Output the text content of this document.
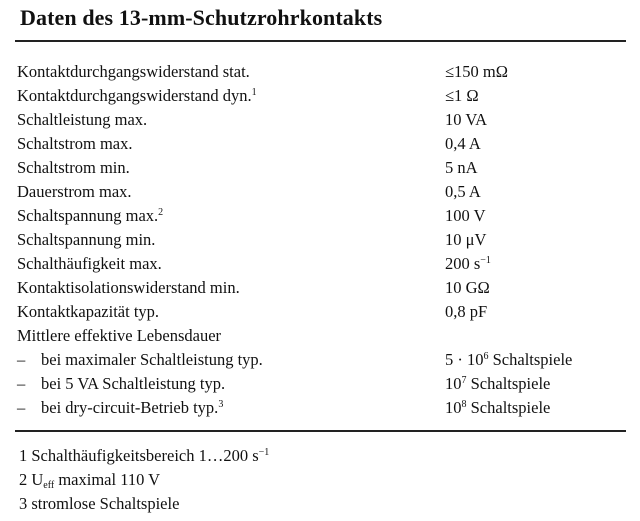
Daten des 13-mm-Schutzrohrkontakts
Kontaktdurchgangswiderstand stat.	≤150 mΩ
Kontaktdurchgangswiderstand dyn.$^1$	≤1 Ω
Schaltleistung max.	10 VA
Schaltstrom max.	0,4 A
Schaltstrom min.	5 nA
Dauerstrom max.	0,5 A
Schaltspannung max.$^2$	100 V
Schaltspannung min.	10 μV
Schalthäufigkeit max.	200 $s^{-1}$
Kontaktisolationswiderstand min.	10 GΩ
Kontaktkapazität typ.	0,8 pF
Mittlere effektive Lebensdauer
– bei maximaler Schaltleistung typ.	$5 \cdot 10^6$ Schaltspiele
– bei 5 VA Schaltleistung typ.	$10^7$ Schaltspiele
– bei dry-circuit-Betrieb typ.$^3$	$10^8$ Schaltspiele
1 Schalthäufigkeitsbereich 1…200 $s^{-1}$
2 $U_{eff}$ maximal 110 V
3 stromlose Schaltspiele
